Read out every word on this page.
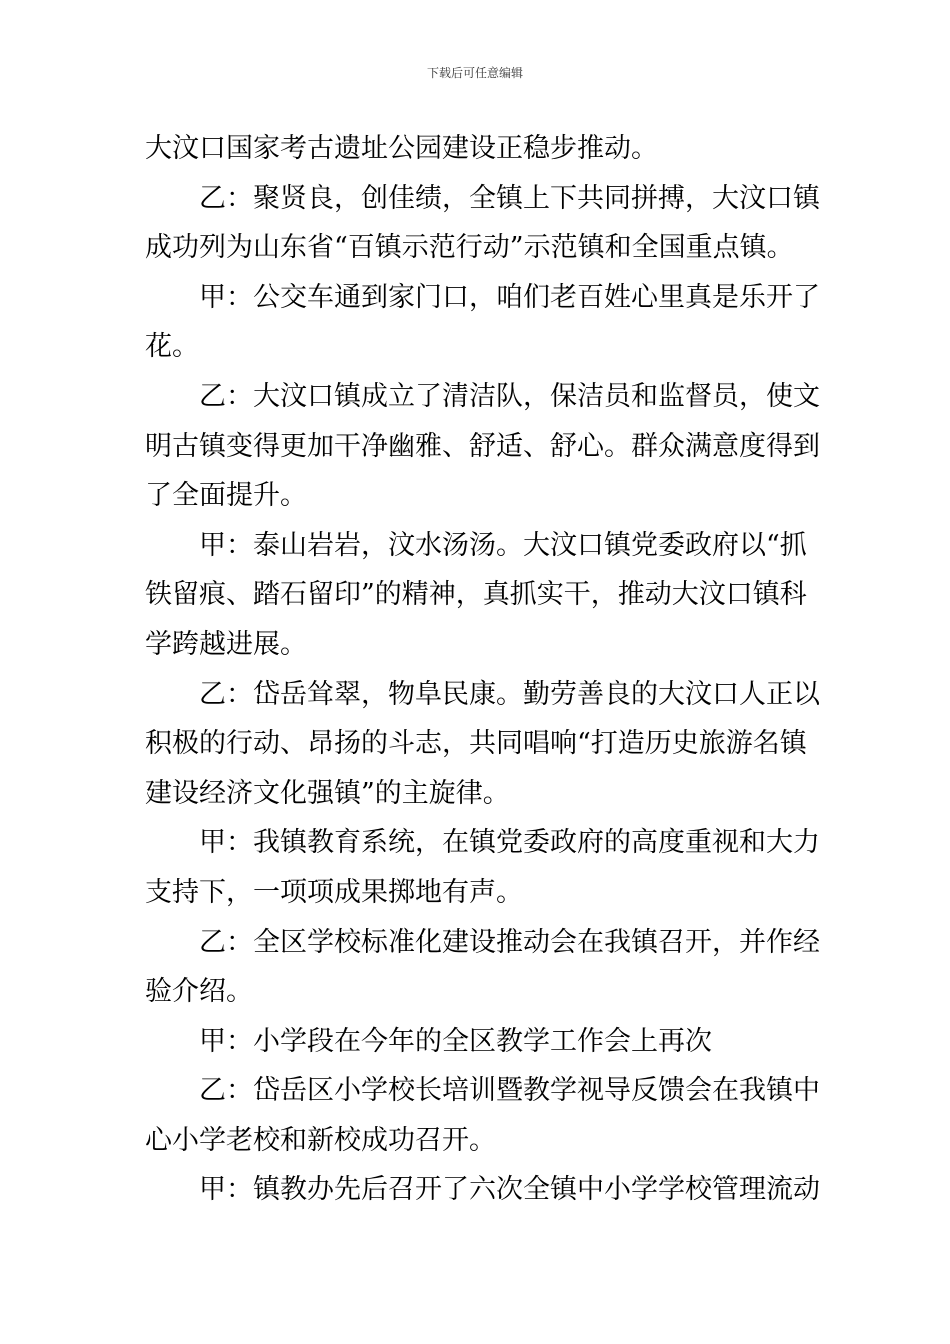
下载后可任意编辑
大汶口国家考古遗址公园建设正稳步推动。
乙：聚贤良，创佳绩，全镇上下共同拼搏，大汶口镇
成功列为山东省“百镇示范行动”示范镇和全国重点镇。
甲：公交车通到家门口，咱们老百姓心里真是乐开了
花。
乙：大汶口镇成立了清洁队，保洁员和监督员，使文
明古镇变得更加干净幽雅、舒适、舒心。群众满意度得到
了全面提升。
甲：泰山岩岩，汶水汤汤。大汶口镇党委政府以“抓
铁留痕、踏石留印”的精神，真抓实干，推动大汶口镇科
学跨越进展。
乙：岱岳耸翠，物阜民康。勤劳善良的大汶口人正以
积极的行动、昂扬的斗志，共同唱响“打造历史旅游名镇
建设经济文化强镇”的主旋律。
甲：我镇教育系统，在镇党委政府的高度重视和大力
支持下，一项项成果掷地有声。
乙：全区学校标准化建设推动会在我镇召开，并作经
验介绍。
甲：小学段在今年的全区教学工作会上再次
乙：岱岳区小学校长培训暨教学视导反馈会在我镇中
心小学老校和新校成功召开。
甲：镇教办先后召开了六次全镇中小学学校管理流动
